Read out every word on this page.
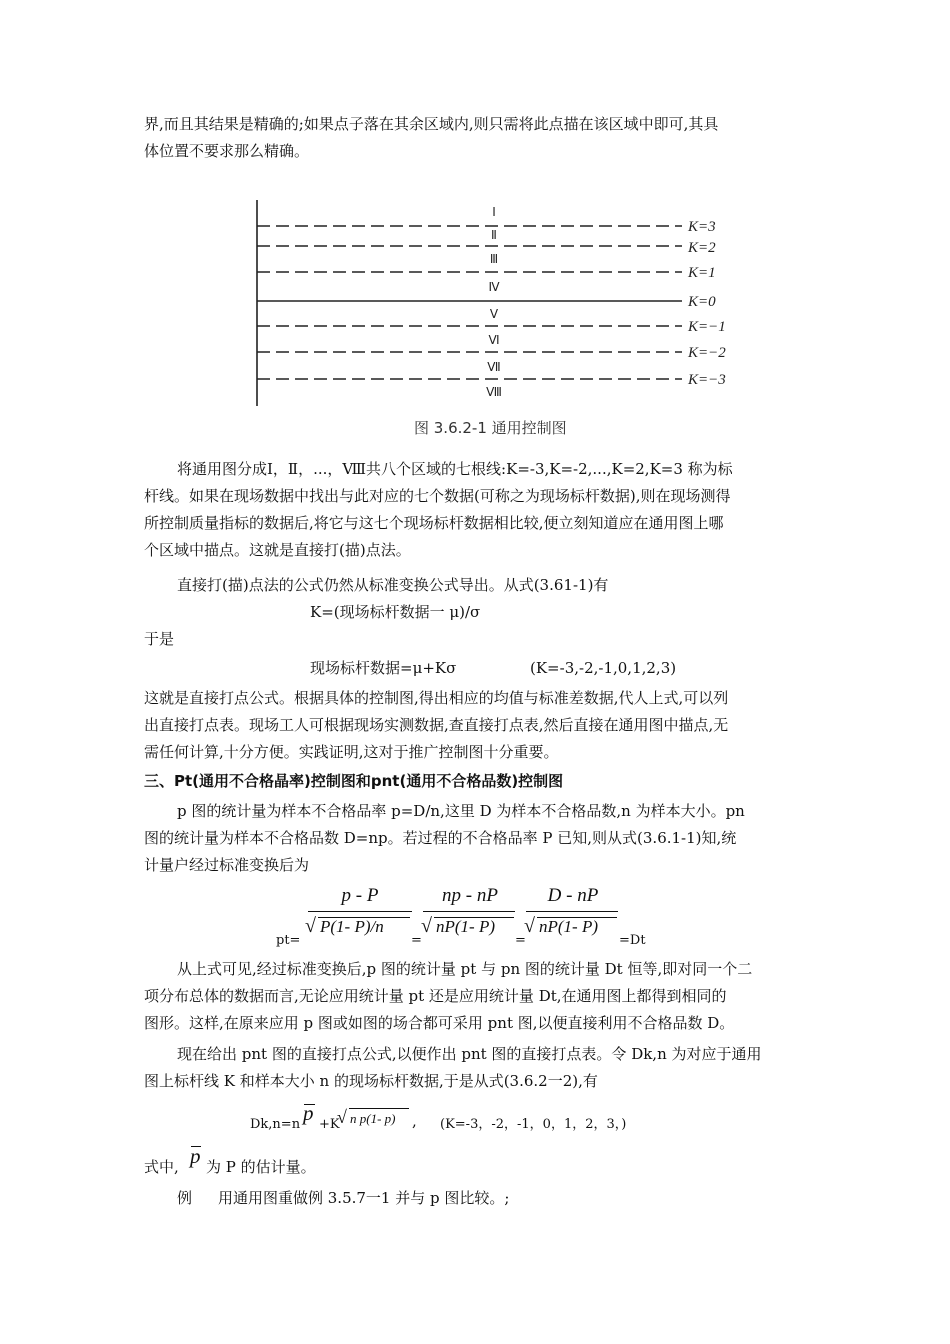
界,而且其结果是精确的;如果点子落在其余区域内,则只需将此点描在该区域中即可,其具
体位置不要求那么精确。
Ⅰ
Ⅱ
Ⅲ
Ⅳ
Ⅴ
Ⅵ
Ⅶ
Ⅷ
K=3
K=2
K=1
K=0
K=−1
K=−2
K=−3
图 3.6.2-1 通用控制图
将通用图分成Ⅰ，Ⅱ，...，Ⅷ共八个区域的七根线:K=-3,K=-2,...,K=2,K=3 称为标
杆线。如果在现场数据中找出与此对应的七个数据(可称之为现场标杆数据),则在现场测得
所控制质量指标的数据后,将它与这七个现场标杆数据相比较,便立刻知道应在通用图上哪
个区域中描点。这就是直接打(描)点法。
直接打(描)点法的公式仍然从标准变换公式导出。从式(3.61-1)有
K=(现场标杆数据一 μ)/σ
于是
现场标杆数据=μ+Kσ	(K=-3,-2,-1,0,1,2,3)
这就是直接打点公式。根据具体的控制图,得出相应的均值与标准差数据,代人上式,可以列
出直接打点表。现场工人可根据现场实测数据,查直接打点表,然后直接在通用图中描点,无
需任何计算,十分方便。实践证明,这对于推广控制图十分重要。
三、Pt(通用不合格晶率)控制图和pnt(通用不合格品数)控制图
p 图的统计量为样本不合格品率 p=D/n,这里 D 为样本不合格品数,n 为样本大小。pn
图的统计量为样本不合格品数 D=np。若过程的不合格品率 P 已知,则从式(3.6.1-1)知,统
计量户经过标准变换后为
pt=
p - P
√ P(1- P)/n
=
np - nP
√ nP(1- P)
=
D - nP
√ nP(1- P)
=Dt
从上式可见,经过标准变换后,p 图的统计量 pt 与 pn 图的统计量 Dt 恒等,即对同一个二
项分布总体的数据而言,无论应用统计量 pt 还是应用统计量 Dt,在通用图上都得到相同的
图形。这样,在原来应用 p 图或如图的场合都可采用 pnt 图,以便直接利用不合格品数 D。
现在给出 pnt 图的直接打点公式,以便作出 pnt 图的直接打点表。令 Dk,n 为对应于通用
图上标杆线 K 和样本大小 n 的现场标杆数据,于是从式(3.6.2一2),有
Dk,n=n p +K
√ n p(1- p) , (K=-3，-2，-1，0，1，2，3，)
式中, p 为 P 的估计量。
例 用通用图重做例 3.5.7一1 并与 p 图比较。;
